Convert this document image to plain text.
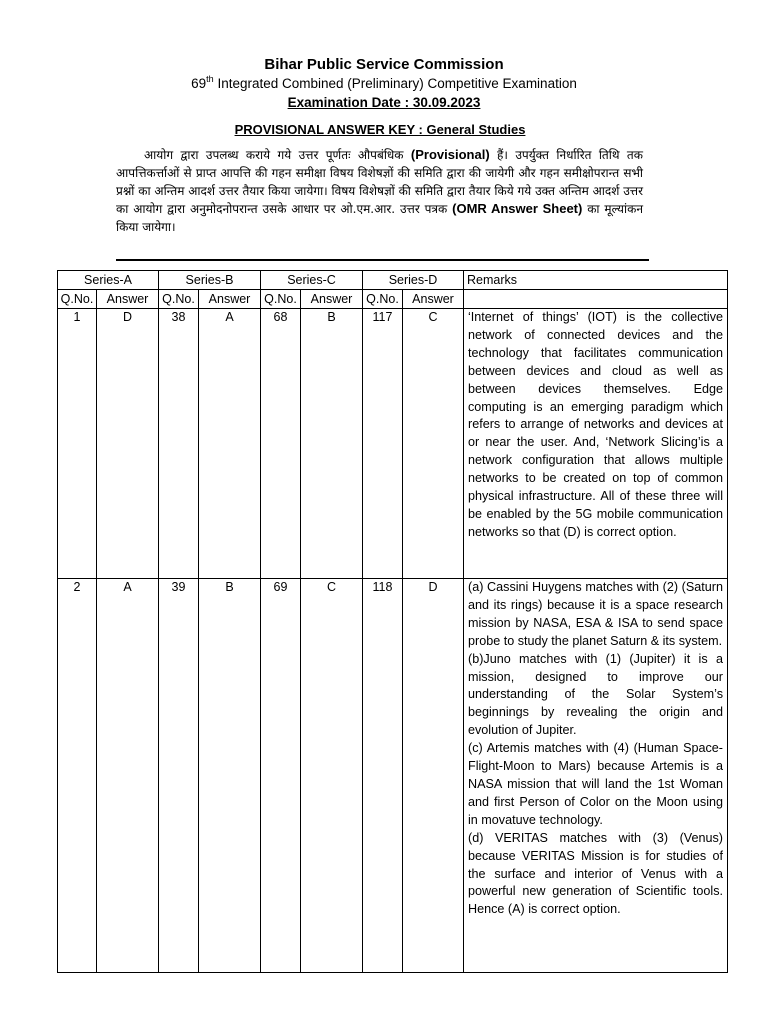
Bihar Public Service Commission
69th Integrated Combined (Preliminary) Competitive Examination
Examination Date : 30.09.2023
PROVISIONAL ANSWER KEY : General Studies
आयोग द्वारा उपलब्ध कराये गये उत्तर पूर्णतः औपबंधिक (Provisional) हैं। उपर्युक्त निर्धारित तिथि तक आपत्तिकर्त्ताओं से प्राप्त आपत्ति की गहन समीक्षा विषय विशेषज्ञों की समिति द्वारा की जायेगी और गहन समीक्षोपरान्त सभी प्रश्नों का अन्तिम आदर्श उत्तर तैयार किया जायेगा। विषय विशेषज्ञों की समिति द्वारा तैयार किये गये उक्त अन्तिम आदर्श उत्तर का आयोग द्वारा अनुमोदनोपरान्त उसके आधार पर ओ.एम.आर. उत्तर पत्रक (OMR Answer Sheet) का मूल्यांकन किया जायेगा।
Series-A		Series-B		Series-C		Series-D		Remarks
Q.No.	Answer	Q.No.	Answer	Q.No.	Answer	Q.No.	Answer	
1	D	38	A	68	B	117	C	‘Internet of things’ (IOT) is the collective network of connected devices and the technology that facilitates communication between devices and cloud as well as between devices themselves. Edge computing is an emerging paradigm which refers to arrange of networks and devices at or near the user. And, ‘Network Slicing’is a network configuration that allows multiple networks to be created on top of common physical infrastructure. All of these three will be enabled by the 5G mobile communication networks so that (D) is correct option.

2	A	39	B	69	C	118	D	(a) Cassini Huygens matches with (2) (Saturn and its rings) because it is a space research mission by NASA, ESA & ISA to send space probe to study the planet Saturn & its system.

(b)Juno matches with (1) (Jupiter) it is a mission, designed to improve our understanding of the Solar System’s beginnings by revealing the origin and evolution of Jupiter.

(c) Artemis matches with (4) (Human Space-Flight-Moon to Mars) because Artemis is a NASA mission that will land the 1st Woman and first Person of Color on the Moon using in movatuve technology.

(d) VERITAS matches with (3) (Venus) because VERITAS Mission is for studies of the surface and interior of Venus with a powerful new generation of Scientific tools. Hence (A) is correct option.
